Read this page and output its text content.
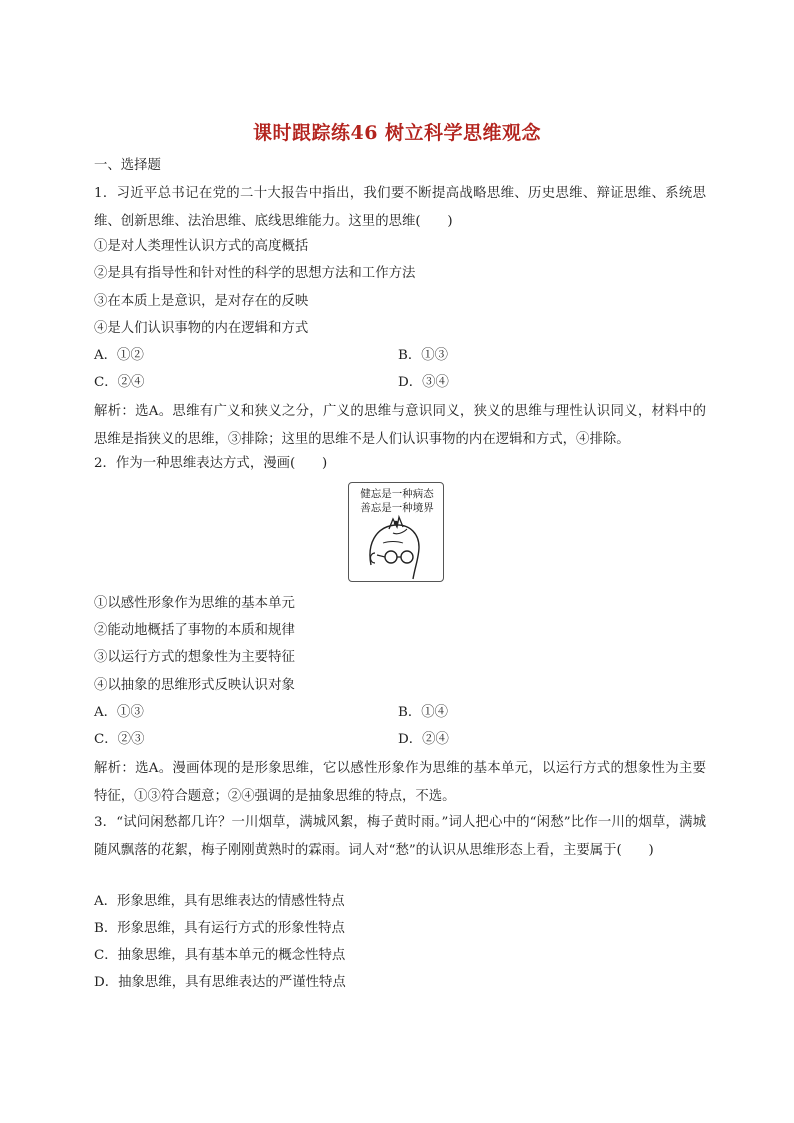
课时跟踪练46 树立科学思维观念
一、选择题
1．习近平总书记在党的二十大报告中指出，我们要不断提高战略思维、历史思维、辩证思维、系统思维、创新思维、法治思维、底线思维能力。这里的思维(　　)
①是对人类理性认识方式的高度概括
②是具有指导性和针对性的科学的思想方法和工作方法
③在本质上是意识，是对存在的反映
④是人们认识事物的内在逻辑和方式
A．①②	B．①③
C．②④	D．③④
解析：选A。思维有广义和狭义之分，广义的思维与意识同义，狭义的思维与理性认识同义，材料中的思维是指狭义的思维，③排除；这里的思维不是人们认识事物的内在逻辑和方式，④排除。
2．作为一种思维表达方式，漫画(　　)
健忘是一种病态
善忘是一种境界
①以感性形象作为思维的基本单元
②能动地概括了事物的本质和规律
③以运行方式的想象性为主要特征
④以抽象的思维形式反映认识对象
A．①③	B．①④
C．②③	D．②④
解析：选A。漫画体现的是形象思维，它以感性形象作为思维的基本单元，以运行方式的想象性为主要特征，①③符合题意；②④强调的是抽象思维的特点，不选。
3．“试问闲愁都几许？一川烟草，满城风絮，梅子黄时雨。”词人把心中的“闲愁”比作一川的烟草，满城随风飘落的花絮，梅子刚刚黄熟时的霖雨。词人对“愁”的认识从思维形态上看，主要属于(　　)
A．形象思维，具有思维表达的情感性特点
B．形象思维，具有运行方式的形象性特点
C．抽象思维，具有基本单元的概念性特点
D．抽象思维，具有思维表达的严谨性特点
